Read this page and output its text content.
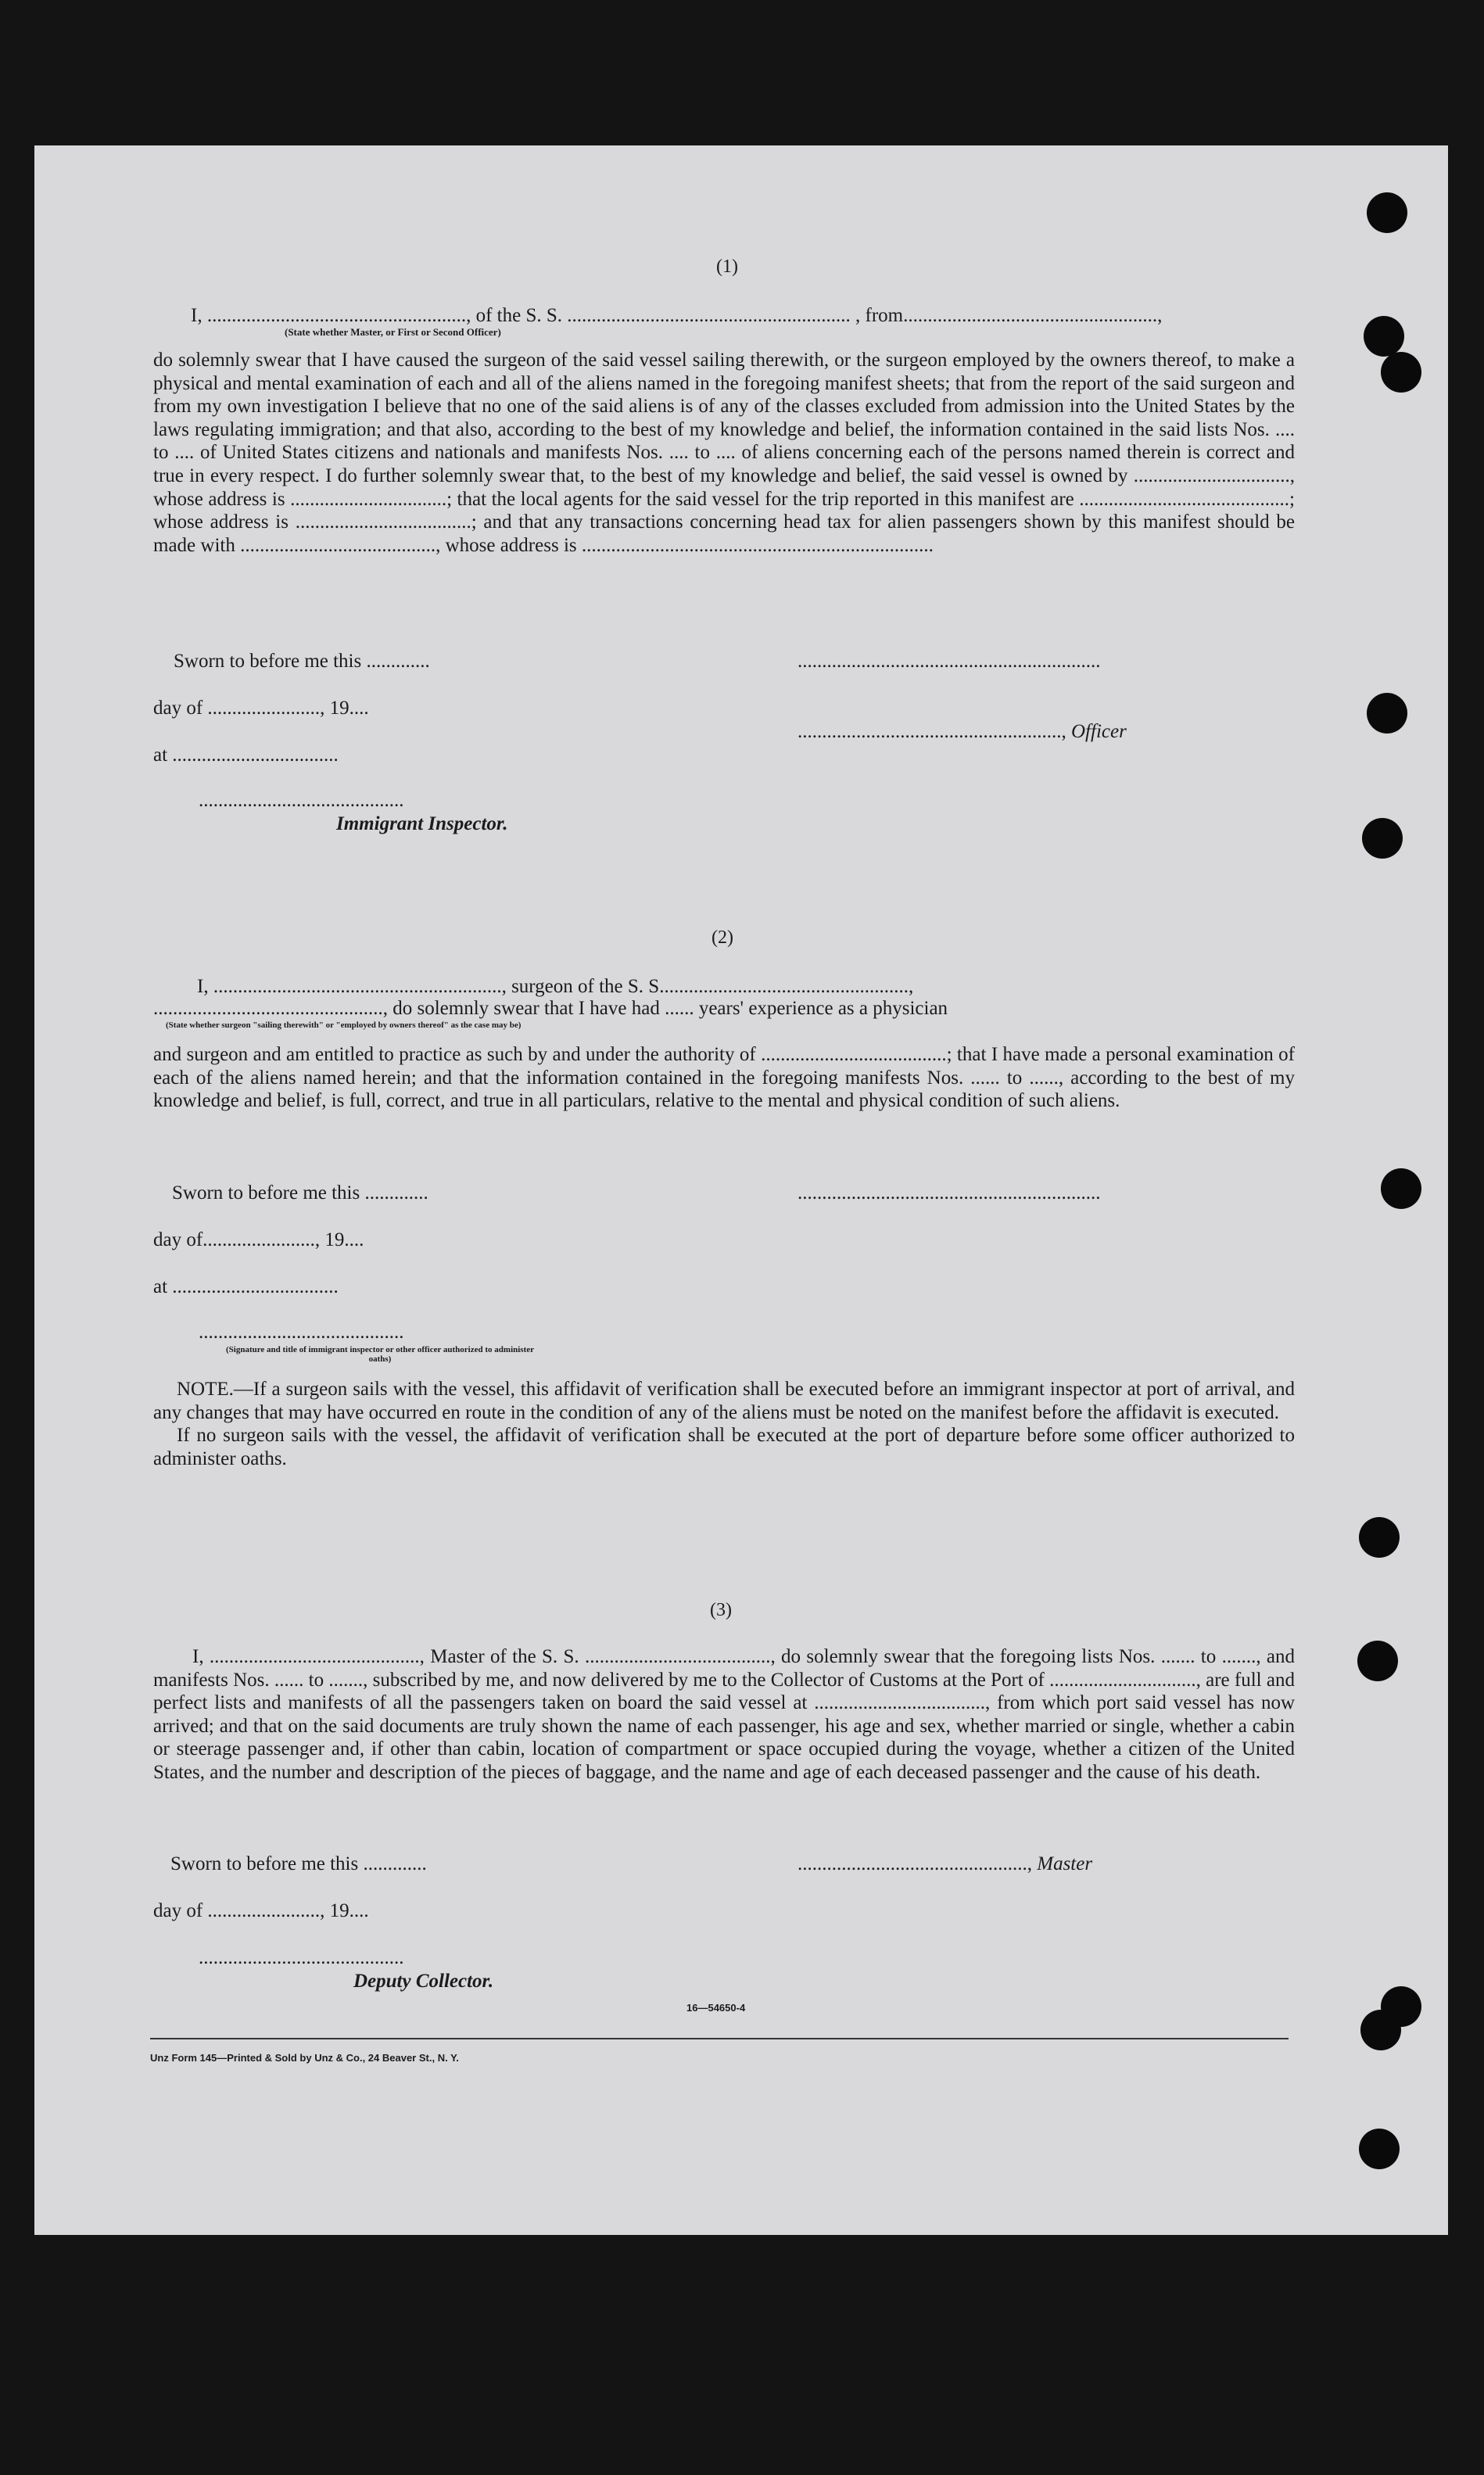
(1)
I, ....................................................., of the S. S. .......................................................... , from....................................................,
(State whether Master, or First or Second Officer)
do solemnly swear that I have caused the surgeon of the said vessel sailing therewith, or the surgeon employed by the owners thereof, to make a physical and mental examination of each and all of the aliens named in the foregoing manifest sheets; that from the report of the said surgeon and from my own investigation I believe that no one of the said aliens is of any of the classes excluded from admission into the United States by the laws regulating immigration; and that also, according to the best of my knowledge and belief, the information contained in the said lists Nos. .... to .... of United States citizens and nationals and manifests Nos. .... to .... of aliens concerning each of the persons named therein is correct and true in every respect. I do further solemnly swear that, to the best of my knowledge and belief, the said vessel is owned by ................................, whose address is ................................; that the local agents for the said vessel for the trip reported in this manifest are ...........................................; whose address is ....................................; and that any transactions concerning head tax for alien passengers shown by this manifest should be made with ........................................, whose address is ........................................................................
Sworn to before me this .............
day of ......................., 19....
at ..................................
..........................................
Immigrant Inspector.
..............................................................
......................................................, Officer
(2)
I, ..........................................................., surgeon of the S. S...................................................,
..............................................., do solemnly swear that I have had ...... years' experience as a physician
(State whether surgeon "sailing therewith" or "employed by owners thereof" as the case may be)
and surgeon and am entitled to practice as such by and under the authority of ......................................; that I have made a personal examination of each of the aliens named herein; and that the information contained in the foregoing manifests Nos. ...... to ......, according to the best of my knowledge and belief, is full, correct, and true in all particulars, relative to the mental and physical condition of such aliens.
Sworn to before me this .............	..............................................................
day of......................., 19....
at ..................................
..........................................
(Signature and title of immigrant inspector or other officer authorized to administer oaths)

NOTE.—If a surgeon sails with the vessel, this affidavit of verification shall be executed before an immigrant inspector at port of arrival, and any changes that may have occurred en route in the condition of any of the aliens must be noted on the manifest before the affidavit is executed.

If no surgeon sails with the vessel, the affidavit of verification shall be executed at the port of departure before some officer authorized to administer oaths.

(3)
I, ..........................................., Master of the S. S. ......................................, do solemnly swear that the foregoing lists Nos. ....... to ......., and manifests Nos. ...... to ......., subscribed by me, and now delivered by me to the Collector of Customs at the Port of .............................., are full and perfect lists and manifests of all the passengers taken on board the said vessel at ..................................., from which port said vessel has now arrived; and that on the said documents are truly shown the name of each passenger, his age and sex, whether married or single, whether a cabin or steerage passenger and, if other than cabin, location of compartment or space occupied during the voyage, whether a citizen of the United States, and the number and description of the pieces of baggage, and the name and age of each deceased passenger and the cause of his death.
Sworn to before me this .............	..............................................., Master
day of ......................., 19....
..........................................
Deputy Collector.
16—54650-4
Unz Form 145—Printed & Sold by Unz & Co., 24 Beaver St., N. Y.
